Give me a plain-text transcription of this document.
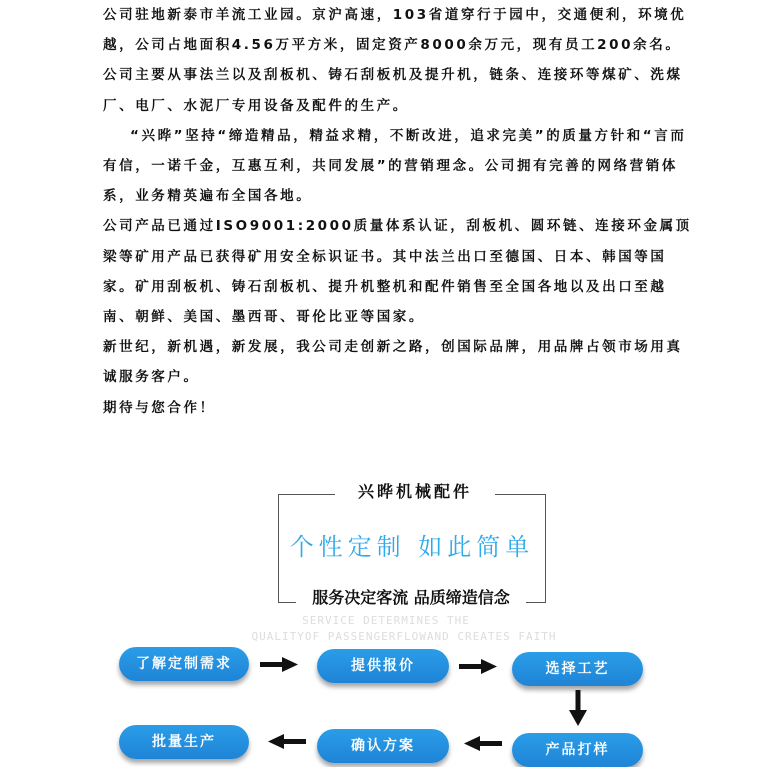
公司驻地新泰市羊流工业园。京沪高速，103省道穿行于园中，交通便利，环境优越，公司占地面积4.56万平方米，固定资产8000余万元，现有员工200余名。公司主要从事法兰以及刮板机、铸石刮板机及提升机，链条、连接环等煤矿、洗煤厂、电厂、水泥厂专用设备及配件的生产。

“兴晔”坚持“缔造精品，精益求精，不断改进，追求完美”的质量方针和“言而有信，一诺千金，互惠互利，共同发展”的营销理念。公司拥有完善的网络营销体系，业务精英遍布全国各地。

公司产品已通过ISO9001:2000质量体系认证，刮板机、圆环链、连接环金属顶梁等矿用产品已获得矿用安全标识证书。其中法兰出口至德国、日本、韩国等国家。矿用刮板机、铸石刮板机、提升机整机和配件销售至全国各地以及出口至越南、朝鲜、美国、墨西哥、哥伦比亚等国家。

新世纪，新机遇，新发展，我公司走创新之路，创国际品牌，用品牌占领市场用真诚服务客户。

期待与您合作！

兴晔机械配件
个性定制 如此简单
服务决定客流 品质缔造信念
SERVICE DETERMINES THE
QUALITYOF PASSENGERFLOWAND CREATES FAITH
了解定制需求	提供报价	选择工艺
产品打样
确认方案
批量生产
